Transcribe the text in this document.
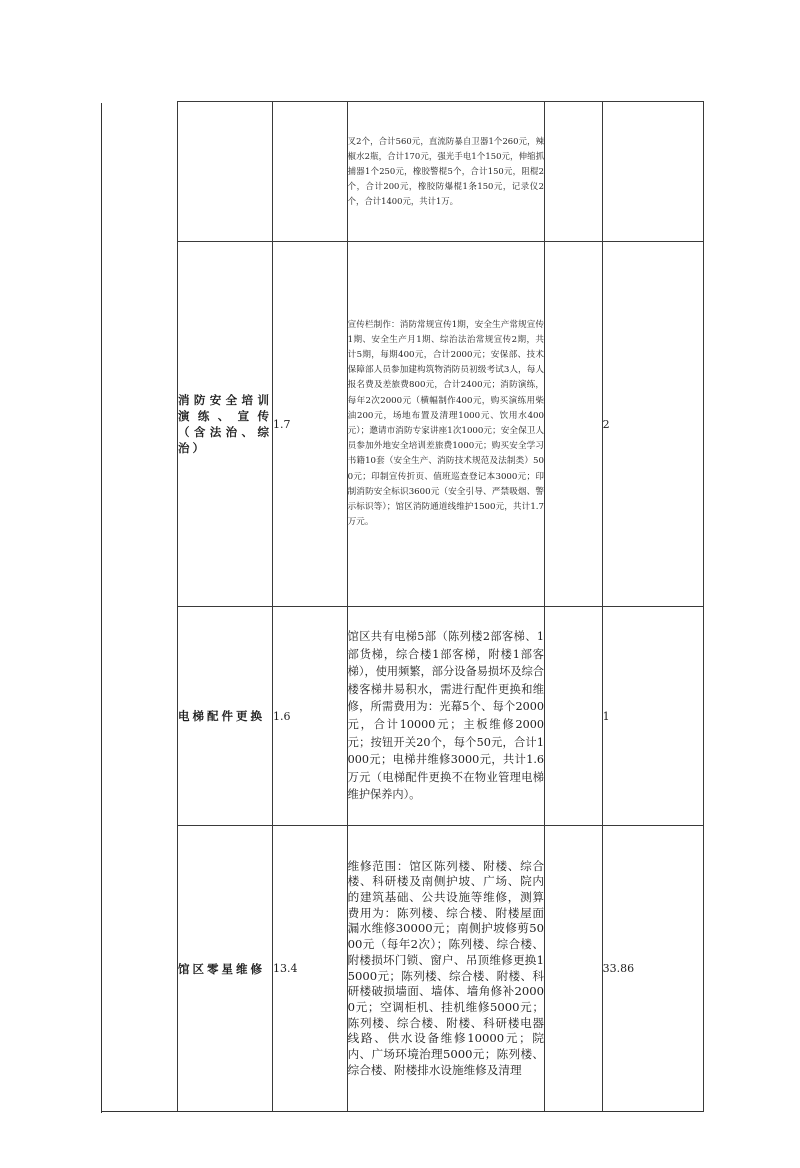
		叉2个，合计560元，直流防暴自卫器1个260元，辣椒水2瓶，合计170元，强光手电1个150元，伸缩抓捕器1个250元，橡胶警棍5个，合计150元，阻棍2个，合计200元，橡胶防爆棍1条150元，记录仪2个，合计1400元，共计1万。		

消防安全培训演练、宣传（含法治、综治）	1.7	宣传栏制作：消防常规宣传1期，安全生产常规宣传1期、安全生产月1期、综治法治常规宣传2期，共计5期，每期400元，合计2000元；安保部、技术保障部人员参加建构筑物消防员初级考试3人，每人报名费及差旅费800元，合计2400元；消防演练，每年2次2000元（横幅制作400元，购买演练用柴油200元，场地布置及清理1000元、饮用水400元）；邀请市消防专家讲座1次1000元；安全保卫人员参加外地安全培训差旅费1000元；购买安全学习书籍10套（安全生产、消防技术规范及法制类）500元；印制宣传折页、值班巡查登记本3000元；印制消防安全标识3600元（安全引导、严禁吸烟、警示标识等）；馆区消防通道线维护1500元，共计1.7万元。		2

电梯配件更换	1.6	馆区共有电梯5部（陈列楼2部客梯、1部货梯，综合楼1部客梯，附楼1部客梯），使用频繁，部分设备易损坏及综合楼客梯井易积水，需进行配件更换和维修，所需费用为：光幕5个、每个2000元，合计10000元；主板维修2000元；按钮开关20个，每个50元，合计1000元；电梯井维修3000元，共计1.6万元（电梯配件更换不在物业管理电梯维护保养内）。		1

馆区零星维修	13.4	维修范围：馆区陈列楼、附楼、综合楼、科研楼及南侧护坡、广场、院内的建筑基础、公共设施等维修，测算费用为：陈列楼、综合楼、附楼屋面漏水维修30000元；南侧护坡修剪5000元（每年2次）；陈列楼、综合楼、附楼损坏门锁、窗户、吊顶维修更换15000元；陈列楼、综合楼、附楼、科研楼破损墙面、墙体、墙角修补20000元；空调柜机、挂机维修5000元；陈列楼、综合楼、附楼、科研楼电器线路、供水设备维修10000元；院内、广场环境治理5000元；陈列楼、综合楼、附楼排水设施维修及清理		33.86
